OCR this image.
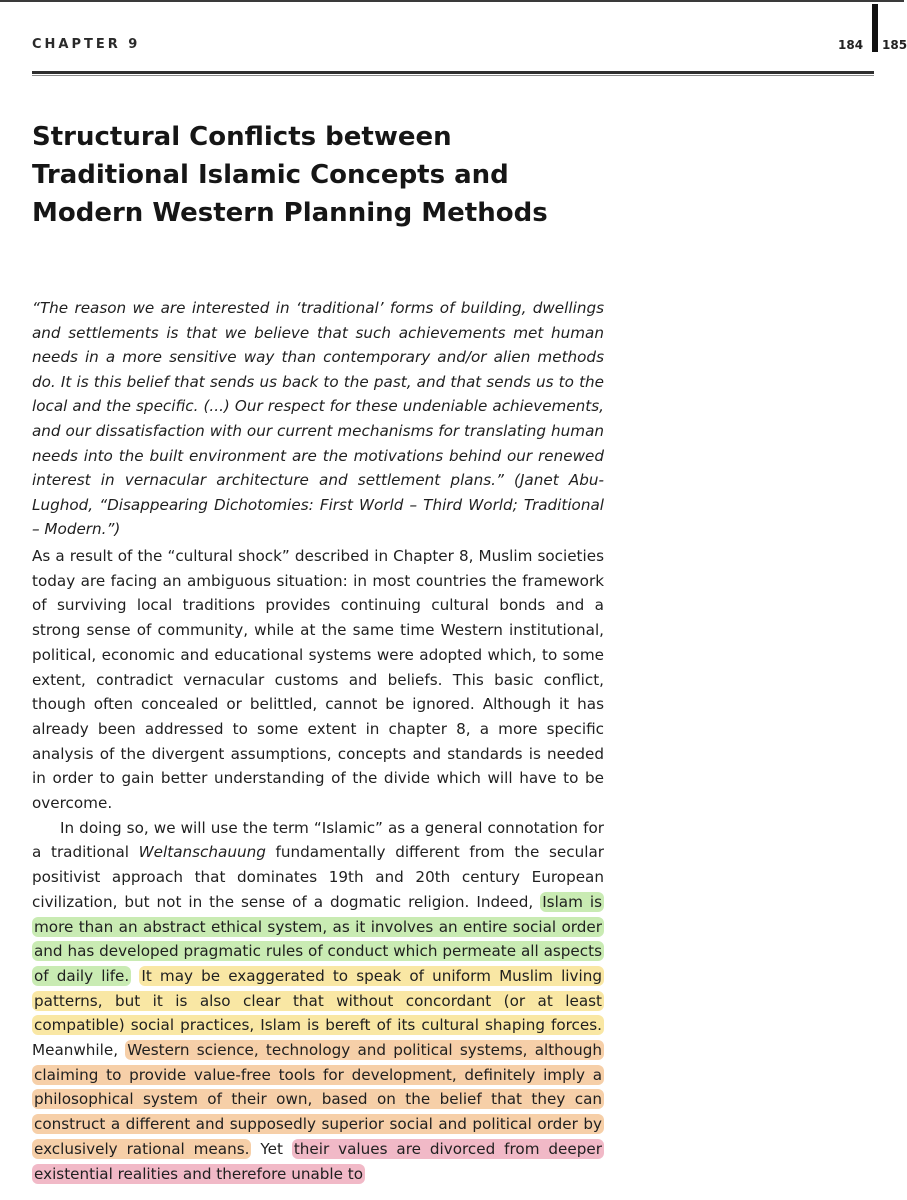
CHAPTER 9	184 185
Structural Conflicts between
Traditional Islamic Concepts and
Modern Western Planning Methods

“The reason we are interested in ‘traditional’ forms of building, dwellings and settlements is that we believe that such achievements met human needs in a more sensitive way than contemporary and/or alien methods do. It is this belief that sends us back to the past, and that sends us to the local and the specific. (...) Our respect for these undeniable achievements, and our dissatisfaction with our current mechanisms for translating human needs into the built environment are the motivations behind our renewed interest in vernacular architecture and settlement plans.” (Janet Abu-Lughod, “Disappearing Dichotomies: First World – Third World; Traditional – Modern.”)

As a result of the “cultural shock” described in Chapter 8, Muslim societies today are facing an ambiguous situation: in most countries the framework of surviving local traditions provides continuing cultural bonds and a strong sense of community, while at the same time Western institutional, political, economic and educational systems were adopted which, to some extent, contradict vernacular customs and beliefs. This basic conflict, though often concealed or belittled, cannot be ignored. Although it has already been addressed to some extent in chapter 8, a more specific analysis of the divergent assumptions, concepts and standards is needed in order to gain better understanding of the divide which will have to be overcome.

In doing so, we will use the term “Islamic” as a general connotation for a traditional Weltanschauung fundamentally different from the secular positivist approach that dominates 19th and 20th century European civilization, but not in the sense of a dogmatic religion. Indeed, Islam is more than an abstract ethical system, as it involves an entire social order and has developed pragmatic rules of conduct which permeate all aspects of daily life. It may be exaggerated to speak of uniform Muslim living patterns, but it is also clear that without concordant (or at least compatible) social practices, Islam is bereft of its cultural shaping forces. Meanwhile, Western science, technology and political systems, although claiming to provide value-free tools for development, definitely imply a philosophical system of their own, based on the belief that they can construct a different and supposedly superior social and political order by exclusively rational means. Yet their values are divorced from deeper existential realities and therefore unable to
